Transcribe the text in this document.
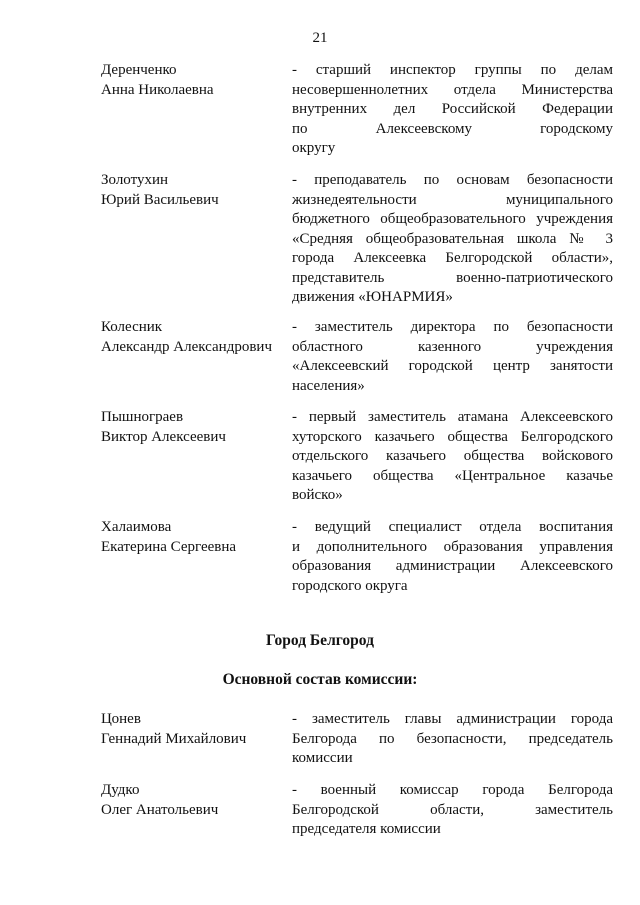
21
Деренченко
Анна Николаевна
- старший инспектор группы по делам
несовершеннолетних отдела Министерства
внутренних дел Российской Федерации
по Алексеевскому городскому
округу
Золотухин
Юрий Васильевич
- преподаватель по основам безопасности
жизнедеятельности муниципального
бюджетного общеобразовательного учреждения
«Средняя общеобразовательная школа № 3
города Алексеевка Белгородской области»,
представитель военно-патриотического
движения «ЮНАРМИЯ»
Колесник
Александр Александрович
- заместитель директора по безопасности
областного казенного учреждения
«Алексеевский городской центр занятости
населения»
Пышнограев
Виктор Алексеевич
- первый заместитель атамана Алексеевского
хуторского казачьего общества Белгородского
отдельского казачьего общества войскового
казачьего общества «Центральное казачье
войско»
Халаимова
Екатерина Сергеевна
- ведущий специалист отдела воспитания
и дополнительного образования управления
образования администрации Алексеевского
городского округа
Город Белгород
Основной состав комиссии:
Цонев
Геннадий Михайлович
- заместитель главы администрации города
Белгорода по безопасности, председатель
комиссии
Дудко
Олег Анатольевич
- военный комиссар города Белгорода
Белгородской области, заместитель
председателя комиссии
